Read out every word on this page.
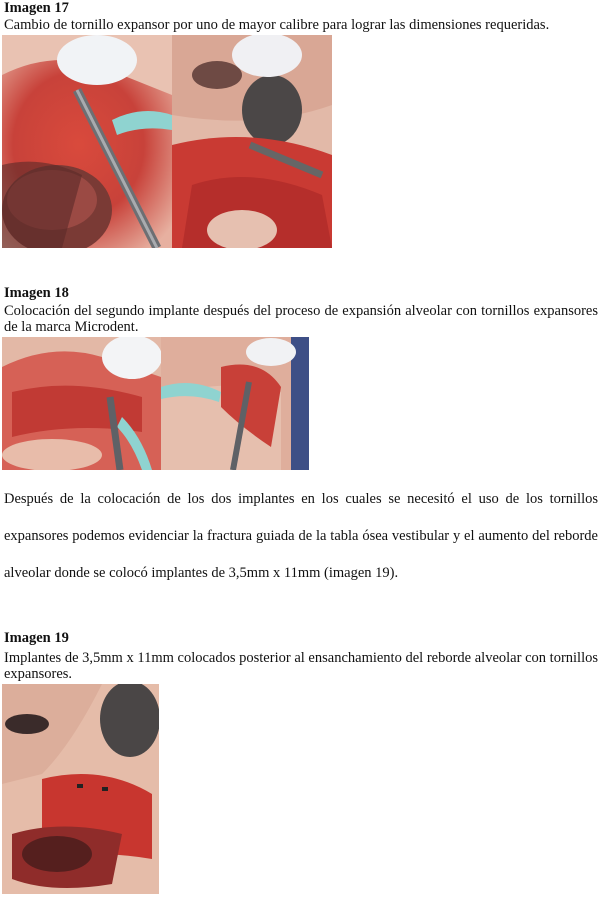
Imagen 17
Cambio de tornillo expansor por uno de mayor calibre para lograr las dimensiones requeridas.
Imagen 18
Colocación del segundo implante después del proceso de expansión alveolar con tornillos expansores de la marca Microdent.
Después de la colocación de los dos implantes en los cuales se necesitó el uso de los tornillos expansores podemos evidenciar la fractura guiada de la tabla ósea vestibular y el aumento del reborde alveolar donde se colocó implantes de 3,5mm x 11mm (imagen 19).
Imagen 19
Implantes de 3,5mm x 11mm colocados posterior al ensanchamiento del reborde alveolar con tornillos expansores.
